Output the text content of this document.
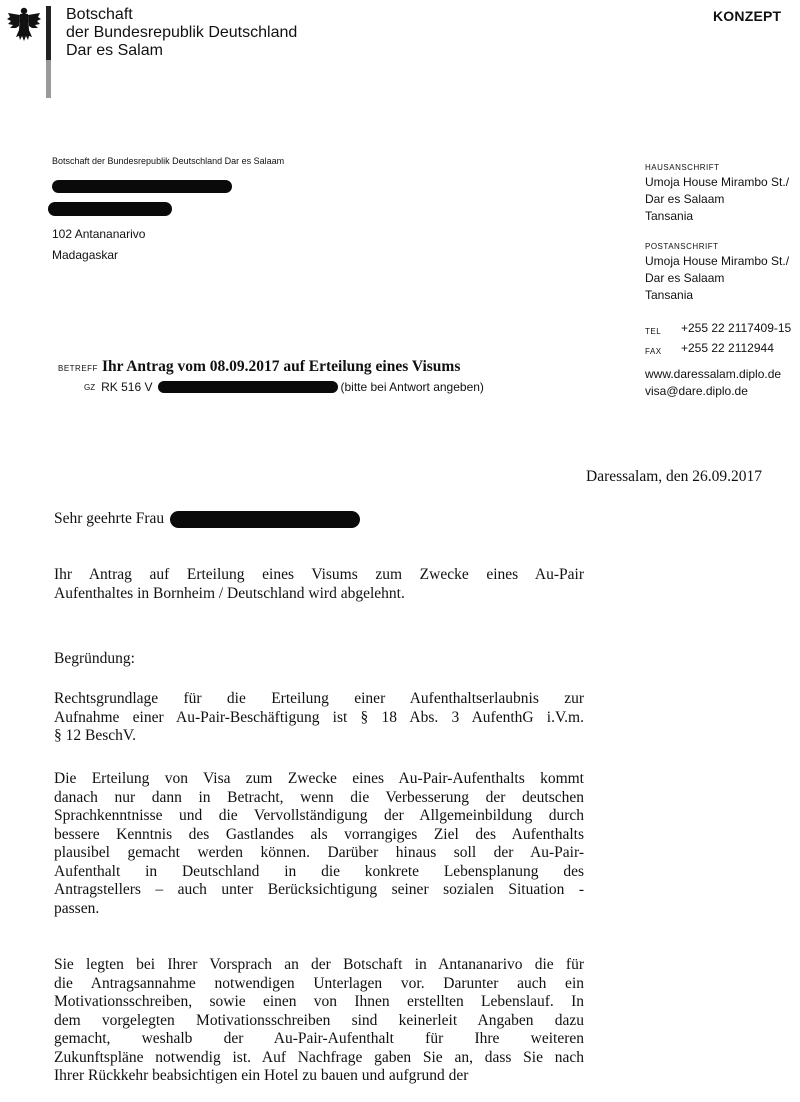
Botschaft
der Bundesrepublik Deutschland
Dar es Salam
KONZEPT
Botschaft der Bundesrepublik Deutschland Dar es Salaam
102 Antananarivo
Madagaskar
HAUSANSCHRIFT
Umoja House Mirambo St./
Dar es Salaam
Tansania
POSTANSCHRIFT
Umoja House Mirambo St./
Dar es Salaam
Tansania
TEL	+255 22 2117409-15
FAX	+255 22 2112944
www.daressalam.diplo.de
visa@dare.diplo.de
BETREFF Ihr Antrag vom 08.09.2017 auf Erteilung eines Visums
GZ RK 516 V	(bitte bei Antwort angeben)
Daressalam, den 26.09.2017
Sehr geehrte Frau
Ihr Antrag auf Erteilung eines Visums zum Zwecke eines Au-Pair
Aufenthaltes in Bornheim / Deutschland wird abgelehnt.
Begründung:
Rechtsgrundlage für die Erteilung einer Aufenthaltserlaubnis zur
Aufnahme einer Au-Pair-Beschäftigung ist § 18 Abs. 3 AufenthG i.V.m.
§ 12 BeschV.
Die Erteilung von Visa zum Zwecke eines Au-Pair-Aufenthalts kommt
danach nur dann in Betracht, wenn die Verbesserung der deutschen
Sprachkenntnisse und die Vervollständigung der Allgemeinbildung durch
bessere Kenntnis des Gastlandes als vorrangiges Ziel des Aufenthalts
plausibel gemacht werden können. Darüber hinaus soll der Au-Pair-
Aufenthalt in Deutschland in die konkrete Lebensplanung des
Antragstellers – auch unter Berücksichtigung seiner sozialen Situation -
passen.
Sie legten bei Ihrer Vorsprach an der Botschaft in Antananarivo die für
die Antragsannahme notwendigen Unterlagen vor. Darunter auch ein
Motivationsschreiben, sowie einen von Ihnen erstellten Lebenslauf. In
dem vorgelegten Motivationsschreiben sind keinerleit Angaben dazu
gemacht, weshalb der Au-Pair-Aufenthalt für Ihre weiteren
Zukunftspläne notwendig ist. Auf Nachfrage gaben Sie an, dass Sie nach
Ihrer Rückkehr beabsichtigen ein Hotel zu bauen und aufgrund der
